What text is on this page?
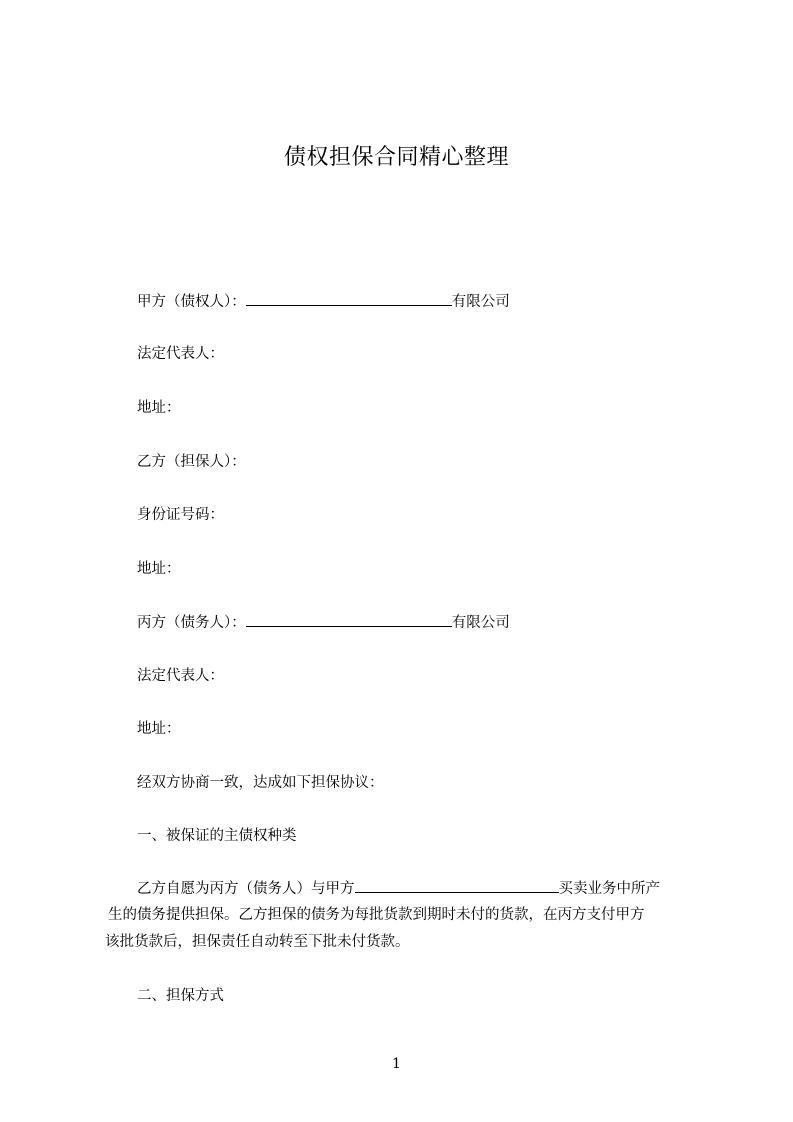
债权担保合同精心整理
甲方（债权人）：	有限公司
法定代表人：
地址：
乙方（担保人）：
身份证号码：
地址：
丙方（债务人）：	有限公司
法定代表人：
地址：
经双方协商一致，达成如下担保协议：
一、被保证的主债权种类
乙方自愿为丙方（债务人）与甲方	买卖业务中所产
生的债务提供担保。乙方担保的债务为每批货款到期时未付的货款，在丙方支付甲方
该批货款后，担保责任自动转至下批未付货款。
二、担保方式
1
